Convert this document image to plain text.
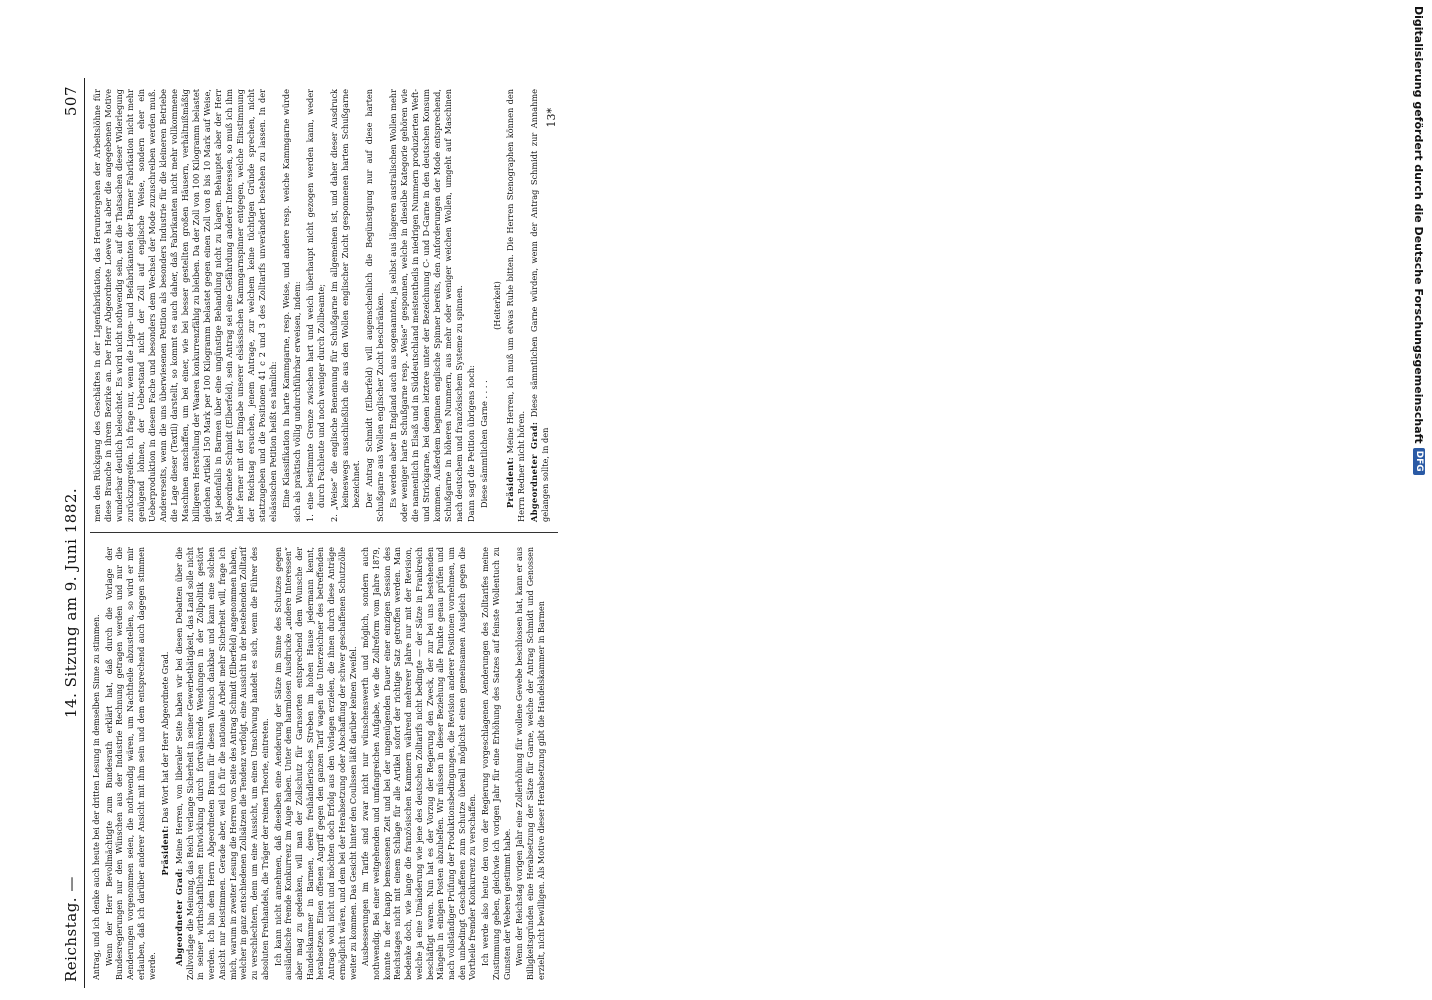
Reichstag. —
14. Sitzung am 9. Juni 1882.
507

Antrag, und ich denke auch heute bei der dritten Lesung in demselben Sinne zu stimmen. Wenn der Herr Bevollmächtigte zum Bundesrath erklärt hat, daß durch die Vorlage der Bundesregierungen nur den Wünschen aus der Industrie Rechnung getragen werden und nur die Aenderungen vorgenommen seien, die nothwendig wären, um Nachtheile abzustellen, so wird er mir erlauben, daß ich darüber anderer Ansicht mit ihm sein und dem entsprechend auch dagegen stimmen werde.

Präsident: Das Wort hat der Herr Abgeordnete Grad.

Abgeordneter Grad: Meine Herren, von liberaler Seite haben wir bei diesen Debatten über die Zollvorlage die Meinung, das Reich verlange Sicherheit in seiner Gewerbethätigkeit, das Land solle nicht in seiner wirthschaftlichen Entwicklung durch fortwährende Wendungen in der Zollpolitik gestört werden. Ich bin dem Herrn Abgeordneten Braun für diesen Wunsch dankbar und kann eine solchen Ansicht nur beistimmen. Gerade aber, weil ich für die nationale Arbeit mehr Sicherheit will, frage ich mich, warum in zweiter Lesung die Herren von Seite des Antrag Schmidt (Elberfeld) angenommen haben, welcher in ganz entschiedenen Zollsätzen die Tendenz verfolgt, eine Aussicht in der bestehenden Zolltarif zu verschlechtern, denn um eine Aussicht, um einen Umschwung handelt es sich, wenn die Führer des absoluten Freihandels, die Träger der reinen Theorie, eintreten. Ich kann nicht annehmen, daß dieselben eine Aenderung der Sätze im Sinne des Schutzes gegen ausländische fremde Konkurrenz im Auge haben. Unter dem harmlosen Ausdrucke „andere Interessen“ aber mag zu gedenken, will man der Zollschutz für Garnsorten entsprechend dem Wunsche der Handelskammer in Barmen, deren freihändlerisches Streben im hohen Hause jedermann kennt, herabsetzen. Einen offenen Angriff gegen den ganzen Tarif wagen die Unterzeichner des betreffenden Antrags wohl nicht und möchten doch Erfolg aus den Vorlagen erzielen, die ihnen durch diese Anträge ermöglicht wären, und dem bei der Herabsetzung oder Abschaffung der schwer geschaffenen Schutzzölle weiter zu kommen. Das Gesicht hinter den Coulissen läßt darüber keinen Zweifel. Ausbesserungen im Tarife sind zwar nicht nur wünschenswerth und möglich, sondern auch nothwendig. Bei einer weitgehenden und umfangreichen Aufgabe, wie die Zollreform vom Jahre 1879, konnte in der knapp bemessenen Zeit und bei der ungenügenden Dauer einer einzigen Session des Reichstages nicht mit einem Schlage für alle Artikel sofort der richtige Satz getroffen werden. Man bedenke doch, wie lange die französischen Kammern während mehrerer Jahre nur mit der Revision, welche ja eine Umänderung wie jene des deutschen Zolltarifs nicht bedingte — der Sätze in Frankreich beschäftigt waren. Nun hat es der Vorzug der Regierung den Zweck, der zur bei uns bestehenden Mängeln in einigen Posten abzuhelfen. Wir müssen in dieser Beziehung alle Punkte genau prüfen und nach vollständiger Prüfung der Produktionsbedingungen, die Revision anderer Positionen vornehmen, um den unbedingt Geschaffenen zum Schutze überall möglichst einen gemeinsamen Ausgleich gegen die Vortheile fremder Konkurrenz zu verschaffen. Ich werde also heute den von der Regierung vorgeschlagenen Aenderungen des Zolltarifes meine Zustimmung geben, gleichwie ich vorigen Jahr für eine Erhöhung des Satzes auf feinste Wollentuch zu Gunsten der Weberei gestimmt habe. Wenn der Reichstag vorigen Jahr eine Zollerhöhung für wollene Gewebe beschlossen hat, kann er aus Billigkeitsgründen eine Herabsetzung der Sätze für Garne, welche der Antrag Schmidt und Genossen erzielt, nicht bewilligen. Als Motive dieser Herabsetzung gibt die Handelskammer in Barmen

men den Rückgang des Geschäftes in der Ligenfabrikation, das Heruntergehen der Arbeitslöhne für diese Branche in ihrem Bezirke an. Der Herr Abgeordnete Loewe hat aber die angegebenen Motive wunderbar deutlich beleuchtet. Es wird nicht nothwendig sein, auf die Thatsachen dieser Widerlegung zurückzugreifen. Ich frage nur, wenn die Ligen- und Befabrikanten der Barmer Fabrikation nicht mehr genügend lohnen, der Ueberstand nicht der Zoll auf englische Weise, sondern eher ein Ueberproduktion in diesem Fache und besonders dem Wechsel der Mode zuzuschreiben werden muß. Andererseits, wenn die uns überwiesenen Petition als besonders Industrie für die kleineren Betriebe die Lage dieser (Textil) darstellt, so kommt es auch daher, daß Fabrikanten nicht mehr vollkommene Maschinen anschaffen, um bei einer, wie bei besser gestellten großen Häusern, verhältnißmäßig billigeren Herstellung der Waaren konkurrenzfähig zu bleiben. Da der Zoll von 100 Kilogramm belastet gleichen Artikel 150 Mark per 100 Kilogramm belastet gegen einen Zoll von 8 bis 10 Mark auf Weise, ist jedenfalls in Barmen über eine ungünstige Behandlung nicht zu klagen. Behauptet aber der Herr Abgeordnete Schmidt (Elberfeld), sein Antrag sei eine Gefährdung anderer Interessen, so muß ich ihm hier ferner mit der Eingabe unserer elsässischen Kammgarnspinner entgegen, welche Einstimmung der Reichstag ersuchen, jenem Antrage, zur welchem keine tüchtigen Gründe sprechen, nicht stattzugeben und die Positionen 41 c 2 und 3 des Zolltarifs unverändert bestehen zu lassen. In der elsässischen Petition heißt es nämlich: Eine Klassifikation in harte Kammgarne, resp. Weise, und andere resp. weiche Kammgarne würde sich als praktisch völlig undurchführbar erweisen, indem: 1. eine bestimmte Grenze zwischen hart und weich überhaupt nicht gezogen werden kann, weder durch Fachleute und noch weniger durch Zollbeamte; 2. „Weise“ die englische Benennung für Schußgarne im allgemeinen ist, und daher dieser Ausdruck keineswegs ausschließlich die aus den Wollen englischer Zucht gesponnenen harten Schußgarne bezeichnet. Der Antrag Schmidt (Elberfeld) will augenscheinlich die Begünstigung nur auf diese harten Schußgarne aus Wollen englischer Zucht beschränken. Es werden aber in England auch aus sogenannten, ja selbst aus längeren australischen Wollen mehr oder weniger harte Schußgarne resp. „Weise“ gesponnen, welche in dieselbe Kategorie gehören wie die namentlich in Elsaß und in Süddeutschland meistentheils in niedrigen Nummern produzierten Weft- und Strickgarne, bei denen letztere unter der Bezeichnung C- und D-Garne in den deutschen Konsum kommen. Außerdem beginnen englische Spinner bereits, den Anforderungen der Mode entsprechend, Schußgarne in höheren Nummern, aus mehr oder weniger weichen Wollen, umgeht auf Maschinen nach deutschem und französischem Systeme zu spinnen. Dann sagt die Petition übrigens noch: Diese sämmtlichen Garne . . . .

(Heiterkeit)

Präsident: Meine Herren, ich muß um etwas Ruhe bitten. Die Herren Stenographen können den Herrn Redner nicht hören. Abgeordneter Grad: Diese sämmtlichen Garne würden, wenn der Antrag Schmidt zur Annahme gelangen sollte, in den

13*	Digitalisierung gefördert durch die Deutsche Forschungsgemeinschaft
DFG
